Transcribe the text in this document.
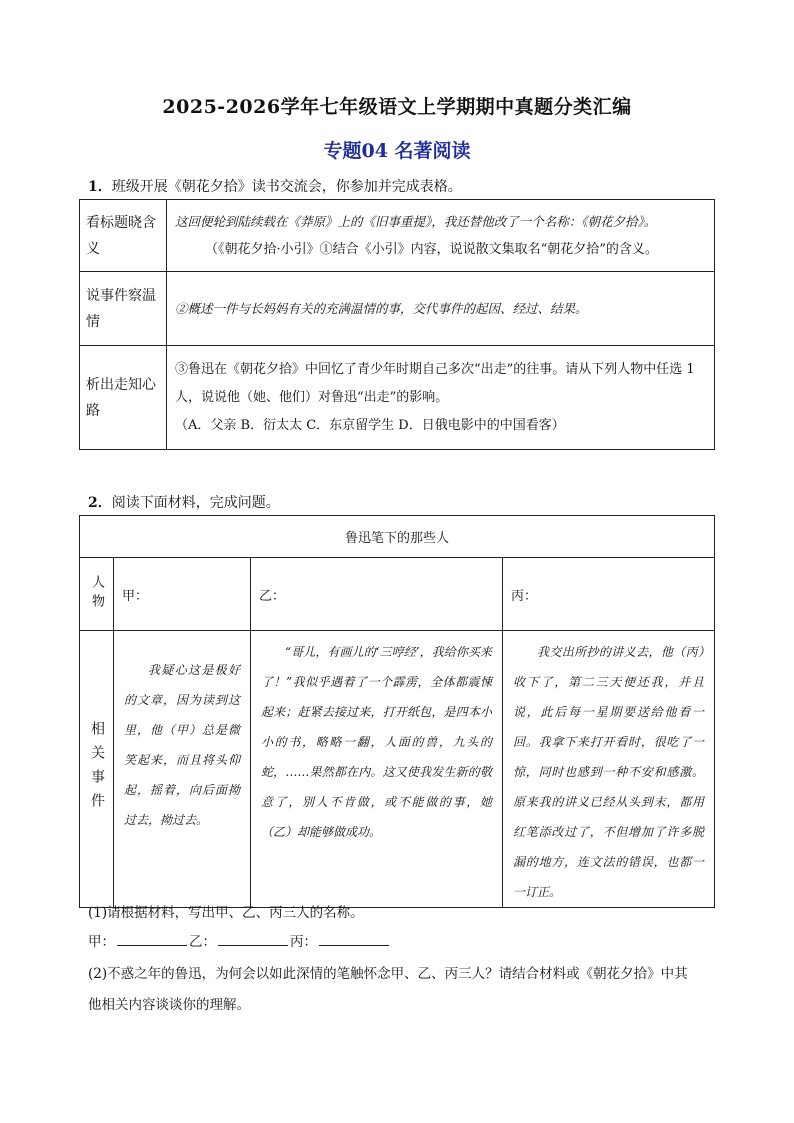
2025-2026学年七年级语文上学期期中真题分类汇编
专题04 名著阅读
1．班级开展《朝花夕拾》读书交流会，你参加并完成表格。
看标题晓含义	这回便轮到陆续载在《莽原》上的《旧事重提》，我还替他改了一个名称：《朝花夕拾》。
（《朝花夕拾·小引》①结合《小引》内容，说说散文集取名“朝花夕拾”的含义。

说事件察温情	②概述一件与长妈妈有关的充满温情的事，交代事件的起因、经过、结果。

析出走知心路	③鲁迅在《朝花夕拾》中回忆了青少年时期自己多次“出走”的往事。请从下列人物中任选 1
人，说说他（她、他们）对鲁迅“出走”的影响。
（A．父亲 B．衍太太 C．东京留学生 D．日俄电影中的中国看客）
2．阅读下面材料，完成问题。
鲁迅笔下的那些人			
人物	甲：	乙：	丙：
相关事件	我疑心这是极好的文章，因为读到这里，他（甲）总是微笑起来，而且将头仰起，摇着，向后面拗过去，拗过去。	“哥儿，有画儿的‘三哼经’，我给你买来了！”我似乎遇着了一个霹雳，全体都震悚起来；赶紧去接过来，打开纸包，是四本小小的书，略略一翻，人面的兽，九头的蛇，……果然都在内。这又使我发生新的敬意了，别人不肯做，或不能做的事，她（乙）却能够做成功。	我交出所抄的讲义去，他（丙）收下了，第二三天便还我，并且说，此后每一星期要送给他看一回。我拿下来打开看时，很吃了一惊，同时也感到一种不安和感激。原来我的讲义已经从头到末，都用红笔添改过了，不但增加了许多脱漏的地方，连文法的错误，也都一一订正。
(1)请根据材料，写出甲、乙、丙三人的名称。
甲：	乙：	丙：
(2)不惑之年的鲁迅，为何会以如此深情的笔触怀念甲、乙、丙三人？请结合材料或《朝花夕拾》中其
他相关内容谈谈你的理解。
